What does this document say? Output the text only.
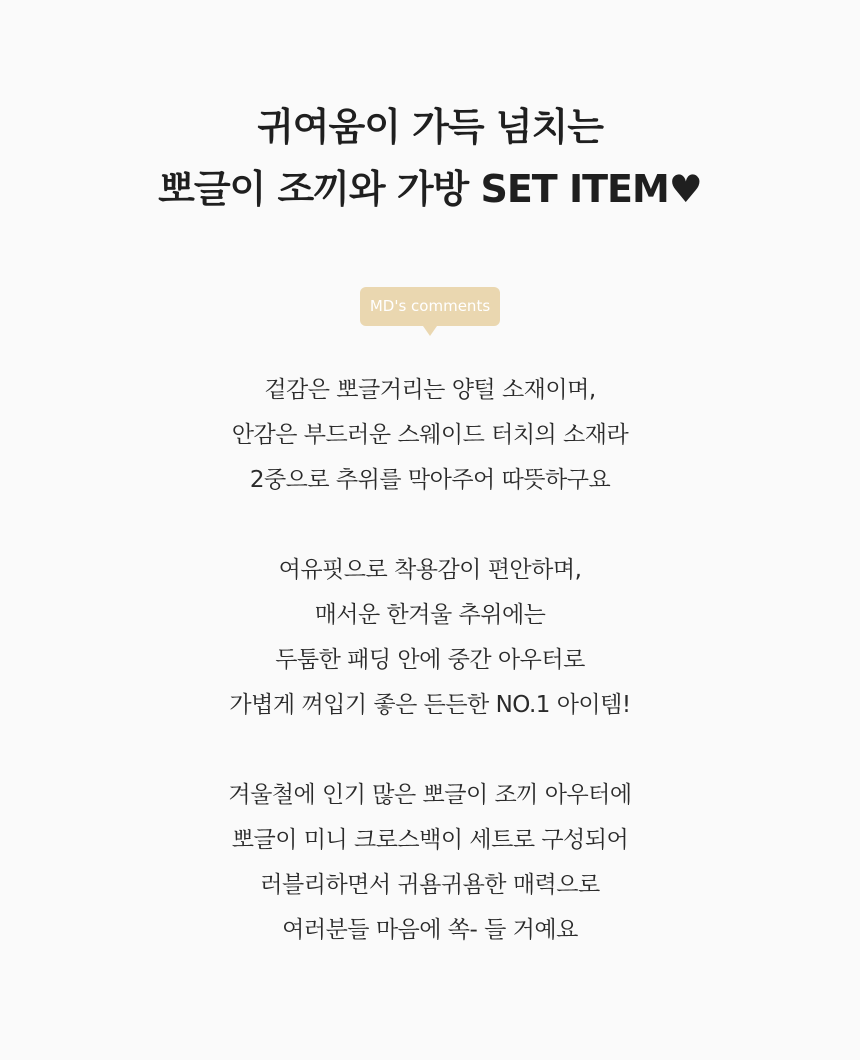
귀여움이 가득 넘치는
뽀글이 조끼와 가방 SET ITEM♥
MD's comments
겉감은 뽀글거리는 양털 소재이며,
안감은 부드러운 스웨이드 터치의 소재라
2중으로 추위를 막아주어 따뜻하구요
여유핏으로 착용감이 편안하며,
매서운 한겨울 추위에는
두툼한 패딩 안에 중간 아우터로
가볍게 껴입기 좋은 든든한 NO.1 아이템!
겨울철에 인기 많은 뽀글이 조끼 아우터에
뽀글이 미니 크로스백이 세트로 구성되어
러블리하면서 귀욤귀욤한 매력으로
여러분들 마음에 쏙- 들 거예요
